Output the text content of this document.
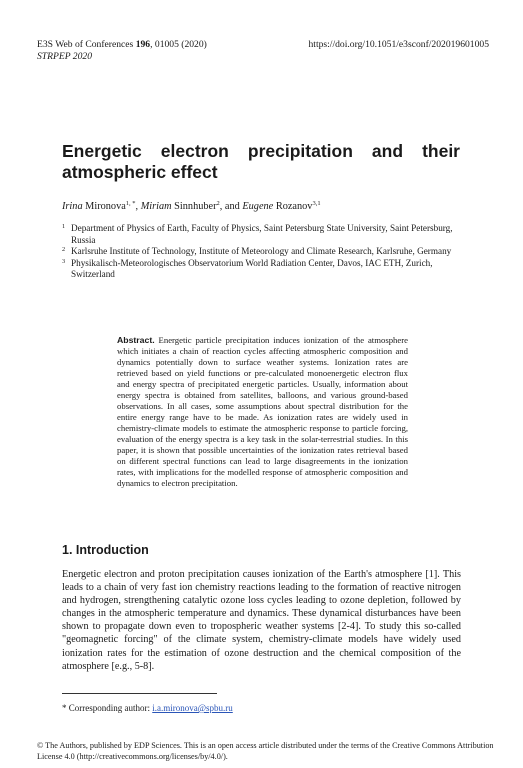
E3S Web of Conferences 196, 01005 (2020)
STRPEP 2020
https://doi.org/10.1051/e3sconf/202019601005
Energetic electron precipitation and their atmospheric effect
Irina Mironova$^{1, *}$, Miriam Sinnhuber$^2$, and Eugene Rozanov$^{3,1}$
1 Department of Physics of Earth, Faculty of Physics, Saint Petersburg State University, Saint Petersburg, Russia
2 Karlsruhe Institute of Technology, Institute of Meteorology and Climate Research, Karlsruhe, Germany
3 Physikalisch-Meteorologisches Observatorium World Radiation Center, Davos, IAC ETH, Zurich, Switzerland

Abstract. Energetic particle precipitation induces ionization of the atmosphere which initiates a chain of reaction cycles affecting atmospheric composition and dynamics potentially down to surface weather systems. Ionization rates are retrieved based on yield functions or pre-calculated monoenergetic electron flux and energy spectra of precipitated energetic particles. Usually, information about energy spectra is obtained from satellites, balloons, and various ground-based observations. In all cases, some assumptions about spectral distribution for the entire energy range have to be made. As ionization rates are widely used in chemistry-climate models to estimate the atmospheric response to particle forcing, evaluation of the energy spectra is a key task in the solar-terrestrial studies. In this paper, it is shown that possible uncertainties of the ionization rates retrieval based on different spectral functions can lead to large disagreements in the ionization rates, with implications for the modelled response of atmospheric composition and dynamics to electron precipitation.

1. Introduction

Energetic electron and proton precipitation causes ionization of the Earth's atmosphere [1]. This leads to a chain of very fast ion chemistry reactions leading to the formation of reactive nitrogen and hydrogen, strengthening catalytic ozone loss cycles leading to ozone depletion, followed by changes in the atmospheric temperature and dynamics. These dynamical disturbances have been shown to propagate down even to tropospheric weather systems [2-4]. To study this so-called "geomagnetic forcing" of the climate system, chemistry-climate models have widely used ionization rates for the estimation of ozone destruction and the chemical composition of the atmosphere [e.g., 5-8].

* Corresponding author: i.a.mironova@spbu.ru
© The Authors, published by EDP Sciences. This is an open access article distributed under the terms of the Creative Commons Attribution License 4.0 (http://creativecommons.org/licenses/by/4.0/).
